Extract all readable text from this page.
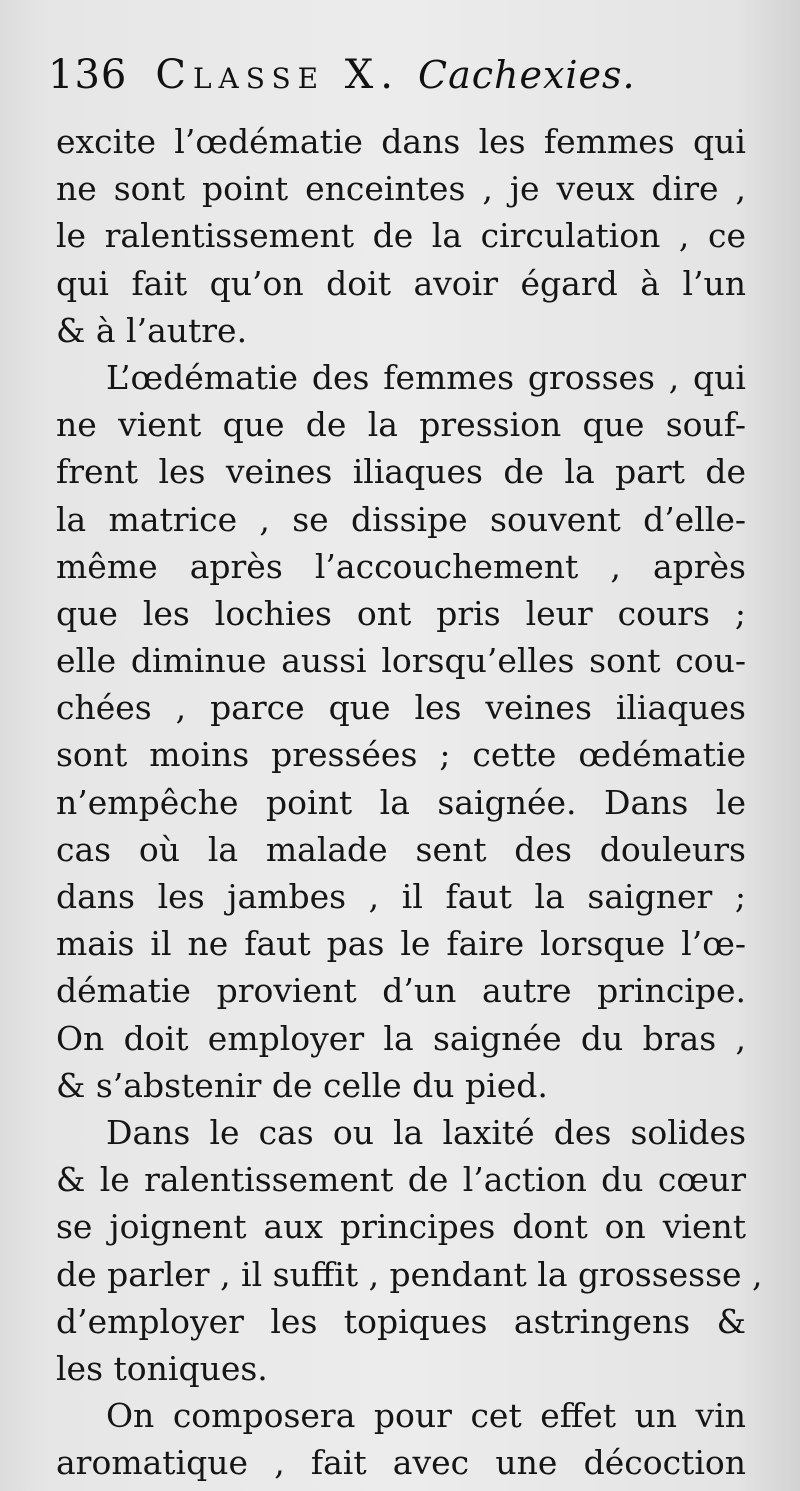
136 Classe X. Cachexies.
excite l’œdématie dans les femmes qui
ne sont point enceintes , je veux dire ,
le ralentissement de la circulation , ce
qui fait qu’on doit avoir égard à l’un
& à l’autre.
L’œdématie des femmes grosses , qui
ne vient que de la pression que souf-
frent les veines iliaques de la part de
la matrice , se dissipe souvent d’elle-
même après l’accouchement , après
que les lochies ont pris leur cours ;
elle diminue aussi lorsqu’elles sont cou-
chées , parce que les veines iliaques
sont moins pressées ; cette œdématie
n’empêche point la saignée. Dans le
cas où la malade sent des douleurs
dans les jambes , il faut la saigner ;
mais il ne faut pas le faire lorsque l’œ-
dématie provient d’un autre principe.
On doit employer la saignée du bras ,
& s’abstenir de celle du pied.
Dans le cas ou la laxité des solides
& le ralentissement de l’action du cœur
se joignent aux principes dont on vient
de parler , il suffit , pendant la grossesse ,
d’employer les topiques astringens &
les toniques.
On composera pour cet effet un vin
aromatique , fait avec une décoction
